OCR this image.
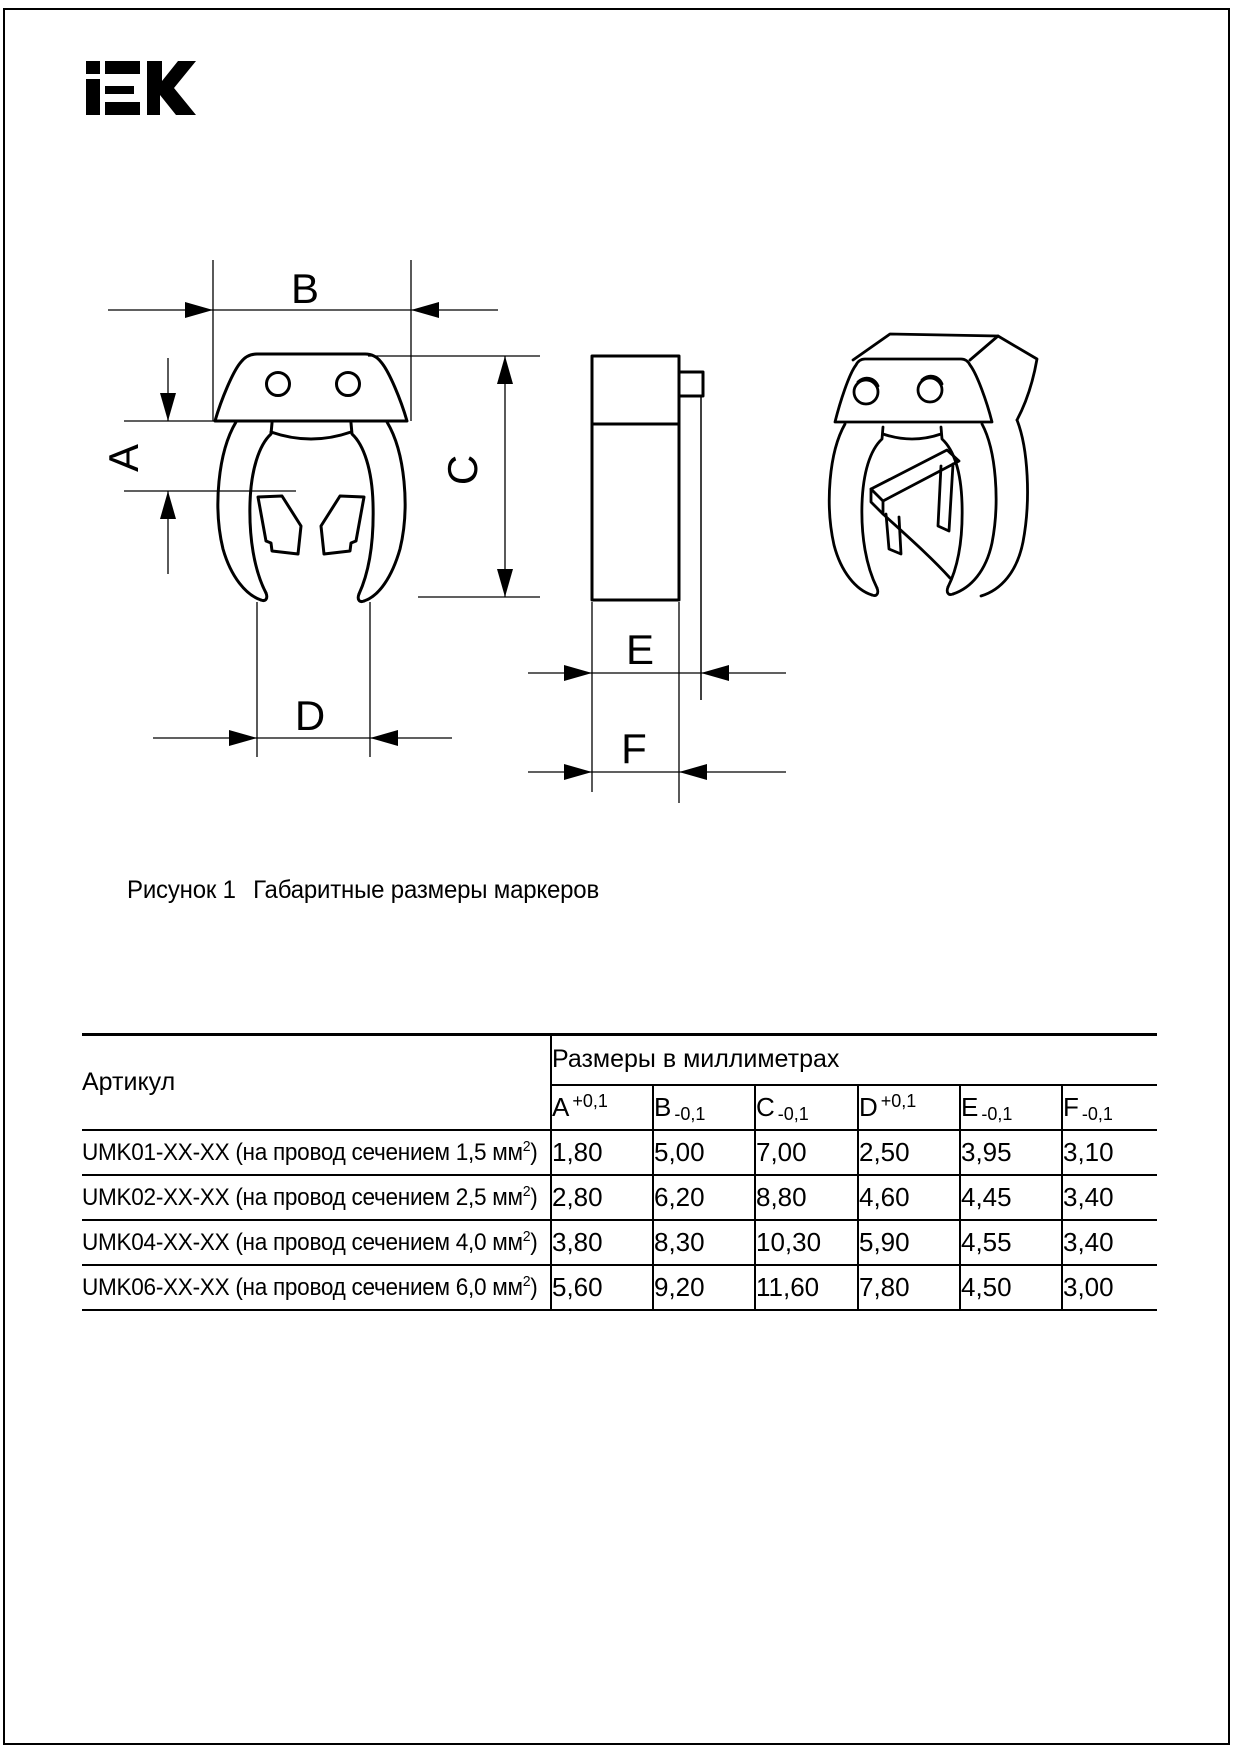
B
A	C
D
E
F
Рисунок 1 Габаритные размеры маркеров
Артикул	Размеры в миллиметрах					
	A $^{+0,1}$	B -0,1	C -0,1	D $^{+0,1}$	E -0,1	F -0,1
UMK01-XX-XX (на провод сечением 1,5 $мм^2$)	1,80	5,00	7,00	2,50	3,95	3,10
UMK02-XX-XX (на провод сечением 2,5 $мм^2$)	2,80	6,20	8,80	4,60	4,45	3,40
UMK04-XX-XX (на провод сечением 4,0 $мм^2$)	3,80	8,30	10,30	5,90	4,55	3,40
UMK06-XX-XX (на провод сечением 6,0 $мм^2$)	5,60	9,20	11,60	7,80	4,50	3,00
